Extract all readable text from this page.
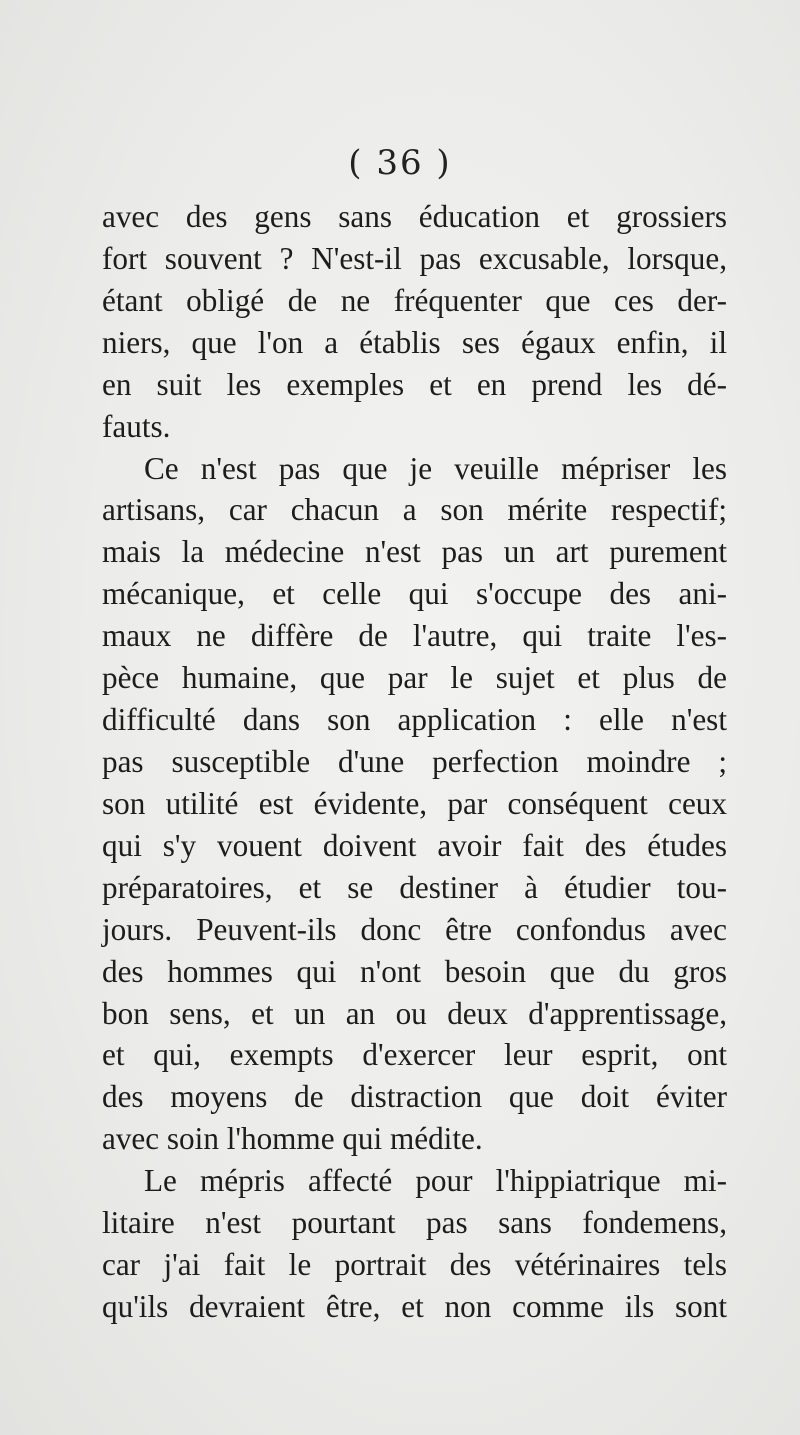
( 36 )
avec des gens sans éducation et grossiers
fort souvent ? N'est-il pas excusable, lorsque,
étant obligé de ne fréquenter que ces der-
niers, que l'on a établis ses égaux enfin, il
en suit les exemples et en prend les dé-
fauts.
Ce n'est pas que je veuille mépriser les
artisans, car chacun a son mérite respectif;
mais la médecine n'est pas un art purement
mécanique, et celle qui s'occupe des ani-
maux ne diffère de l'autre, qui traite l'es-
pèce humaine, que par le sujet et plus de
difficulté dans son application : elle n'est
pas susceptible d'une perfection moindre ;
son utilité est évidente, par conséquent ceux
qui s'y vouent doivent avoir fait des études
préparatoires, et se destiner à étudier tou-
jours. Peuvent-ils donc être confondus avec
des hommes qui n'ont besoin que du gros
bon sens, et un an ou deux d'apprentissage,
et qui, exempts d'exercer leur esprit, ont
des moyens de distraction que doit éviter
avec soin l'homme qui médite.
Le mépris affecté pour l'hippiatrique mi-
litaire n'est pourtant pas sans fondemens,
car j'ai fait le portrait des vétérinaires tels
qu'ils devraient être, et non comme ils sont
